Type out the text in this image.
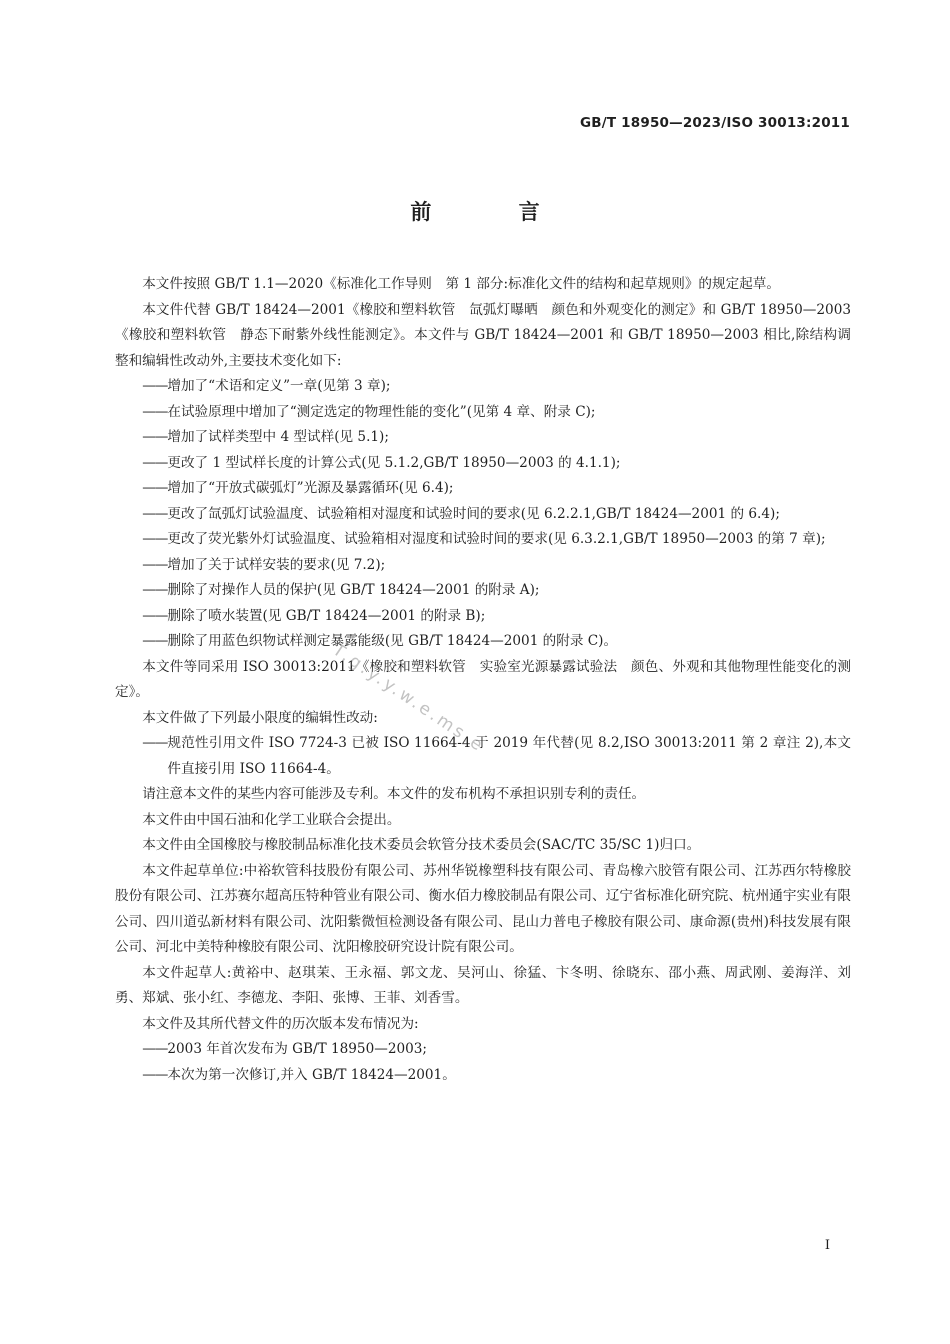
GB/T 18950—2023/ISO 30013:2011
前 言

本文件按照 GB/T 1.1—2020《标准化工作导则　第 1 部分:标准化文件的结构和起草规则》的规定起草。

本文件代替 GB/T 18424—2001《橡胶和塑料软管　氙弧灯曝晒　颜色和外观变化的测定》和 GB/T 18950—2003《橡胶和塑料软管　静态下耐紫外线性能测定》。本文件与 GB/T 18424—2001 和 GB/T 18950—2003 相比,除结构调整和编辑性改动外,主要技术变化如下:

—— 增加了“术语和定义”一章(见第 3 章);
—— 在试验原理中增加了“测定选定的物理性能的变化”(见第 4 章、附录 C);
—— 增加了试样类型中 4 型试样(见 5.1);
—— 更改了 1 型试样长度的计算公式(见 5.1.2,GB/T 18950—2003 的 4.1.1);
—— 增加了“开放式碳弧灯”光源及暴露循环(见 6.4);
—— 更改了氙弧灯试验温度、试验箱相对湿度和试验时间的要求(见 6.2.2.1,GB/T 18424—2001 的 6.4);
—— 更改了荧光紫外灯试验温度、试验箱相对湿度和试验时间的要求(见 6.3.2.1,GB/T 18950—2003 的第 7 章);
—— 增加了关于试样安装的要求(见 7.2);
—— 删除了对操作人员的保护(见 GB/T 18424—2001 的附录 A);
—— 删除了喷水装置(见 GB/T 18424—2001 的附录 B);
—— 删除了用蓝色织物试样测定暴露能级(见 GB/T 18424—2001 的附录 C)。

本文件等同采用 ISO 30013:2011《橡胶和塑料软管　实验室光源暴露试验法　颜色、外观和其他物理性能变化的测定》。

本文件做了下列最小限度的编辑性改动:

—— 规范性引用文件 ISO 7724-3 已被 ISO 11664-4 于 2019 年代替(见 8.2,ISO 30013:2011 第 2 章注 2),本文件直接引用 ISO 11664-4。

请注意本文件的某些内容可能涉及专利。本文件的发布机构不承担识别专利的责任。

本文件由中国石油和化学工业联合会提出。

本文件由全国橡胶与橡胶制品标准化技术委员会软管分技术委员会(SAC/TC 35/SC 1)归口。

本文件起草单位:中裕软管科技股份有限公司、苏州华锐橡塑科技有限公司、青岛橡六胶管有限公司、江苏西尔特橡胶股份有限公司、江苏赛尔超高压特种管业有限公司、衡水佰力橡胶制品有限公司、辽宁省标准化研究院、杭州通宇实业有限公司、四川道弘新材料有限公司、沈阳紫微恒检测设备有限公司、昆山力普电子橡胶有限公司、康命源(贵州)科技发展有限公司、河北中美特种橡胶有限公司、沈阳橡胶研究设计院有限公司。

本文件起草人:黄裕中、赵琪茉、王永福、郭文龙、吴河山、徐猛、卞冬明、徐晓东、邵小燕、周武刚、姜海洋、刘勇、郑斌、张小红、李德龙、李阳、张博、王菲、刘香雪。

本文件及其所代替文件的历次版本发布情况为:

—— 2003 年首次发布为 GB/T 18950—2003;
—— 本次为第一次修订,并入 GB/T 18424—2001。
T.g.y.y.w.e.ms.e
I
